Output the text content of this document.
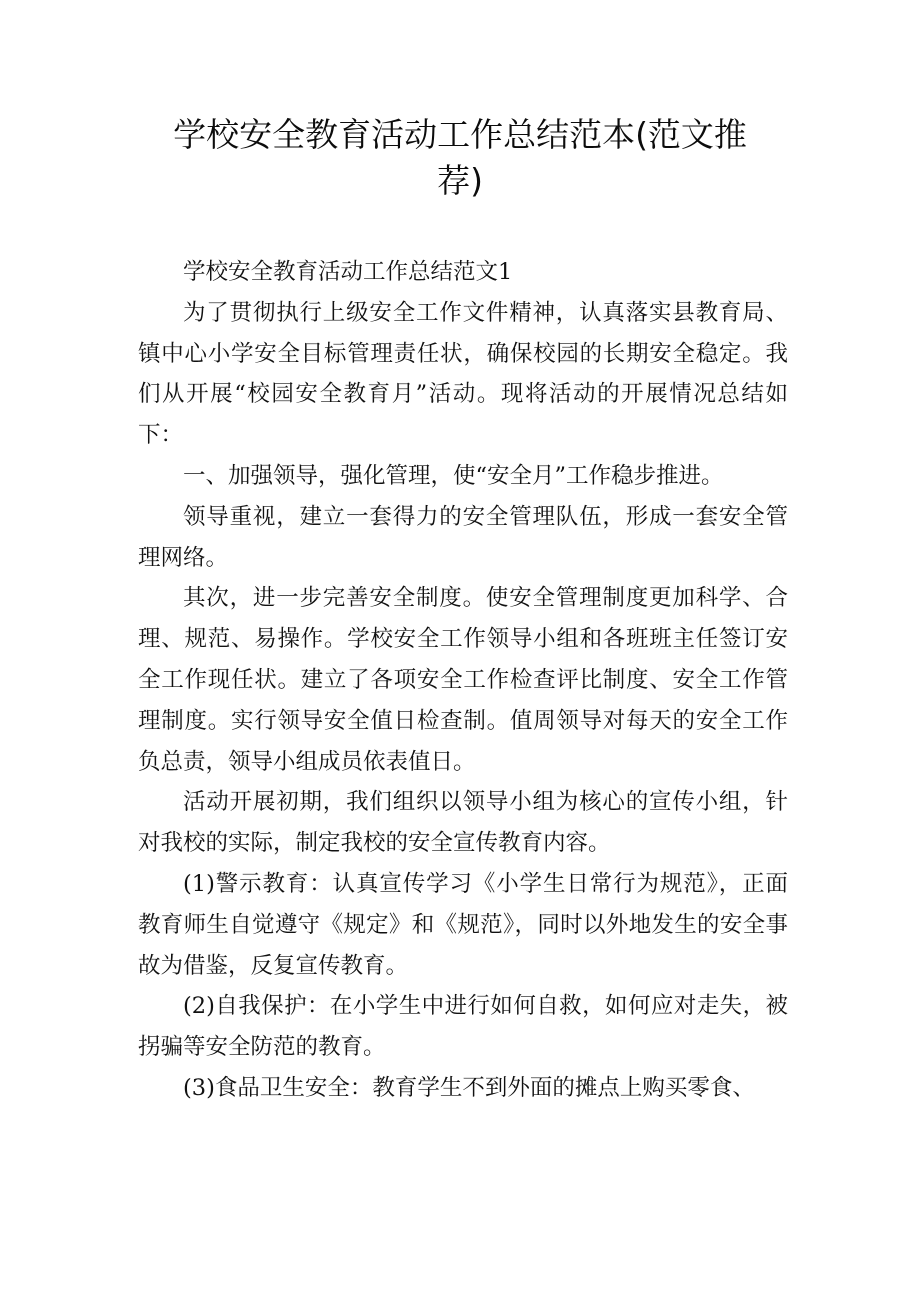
学校安全教育活动工作总结范本(范文推
荐)

学校安全教育活动工作总结范文1

为了贯彻执行上级安全工作文件精神，认真落实县教育局、镇中心小学安全目标管理责任状，确保校园的长期安全稳定。我们从开展“校园安全教育月”活动。现将活动的开展情况总结如下：

一、加强领导，强化管理，使“安全月”工作稳步推进。

领导重视，建立一套得力的安全管理队伍，形成一套安全管理网络。

其次，进一步完善安全制度。使安全管理制度更加科学、合理、规范、易操作。学校安全工作领导小组和各班班主任签订安全工作现任状。建立了各项安全工作检查评比制度、安全工作管理制度。实行领导安全值日检查制。值周领导对每天的安全工作负总责，领导小组成员依表值日。

活动开展初期，我们组织以领导小组为核心的宣传小组，针对我校的实际，制定我校的安全宣传教育内容。

(1)警示教育：认真宣传学习《小学生日常行为规范》，正面教育师生自觉遵守《规定》和《规范》，同时以外地发生的安全事故为借鉴，反复宣传教育。

(2)自我保护：在小学生中进行如何自救，如何应对走失，被拐骗等安全防范的教育。

(3)食品卫生安全：教育学生不到外面的摊点上购买零食、
